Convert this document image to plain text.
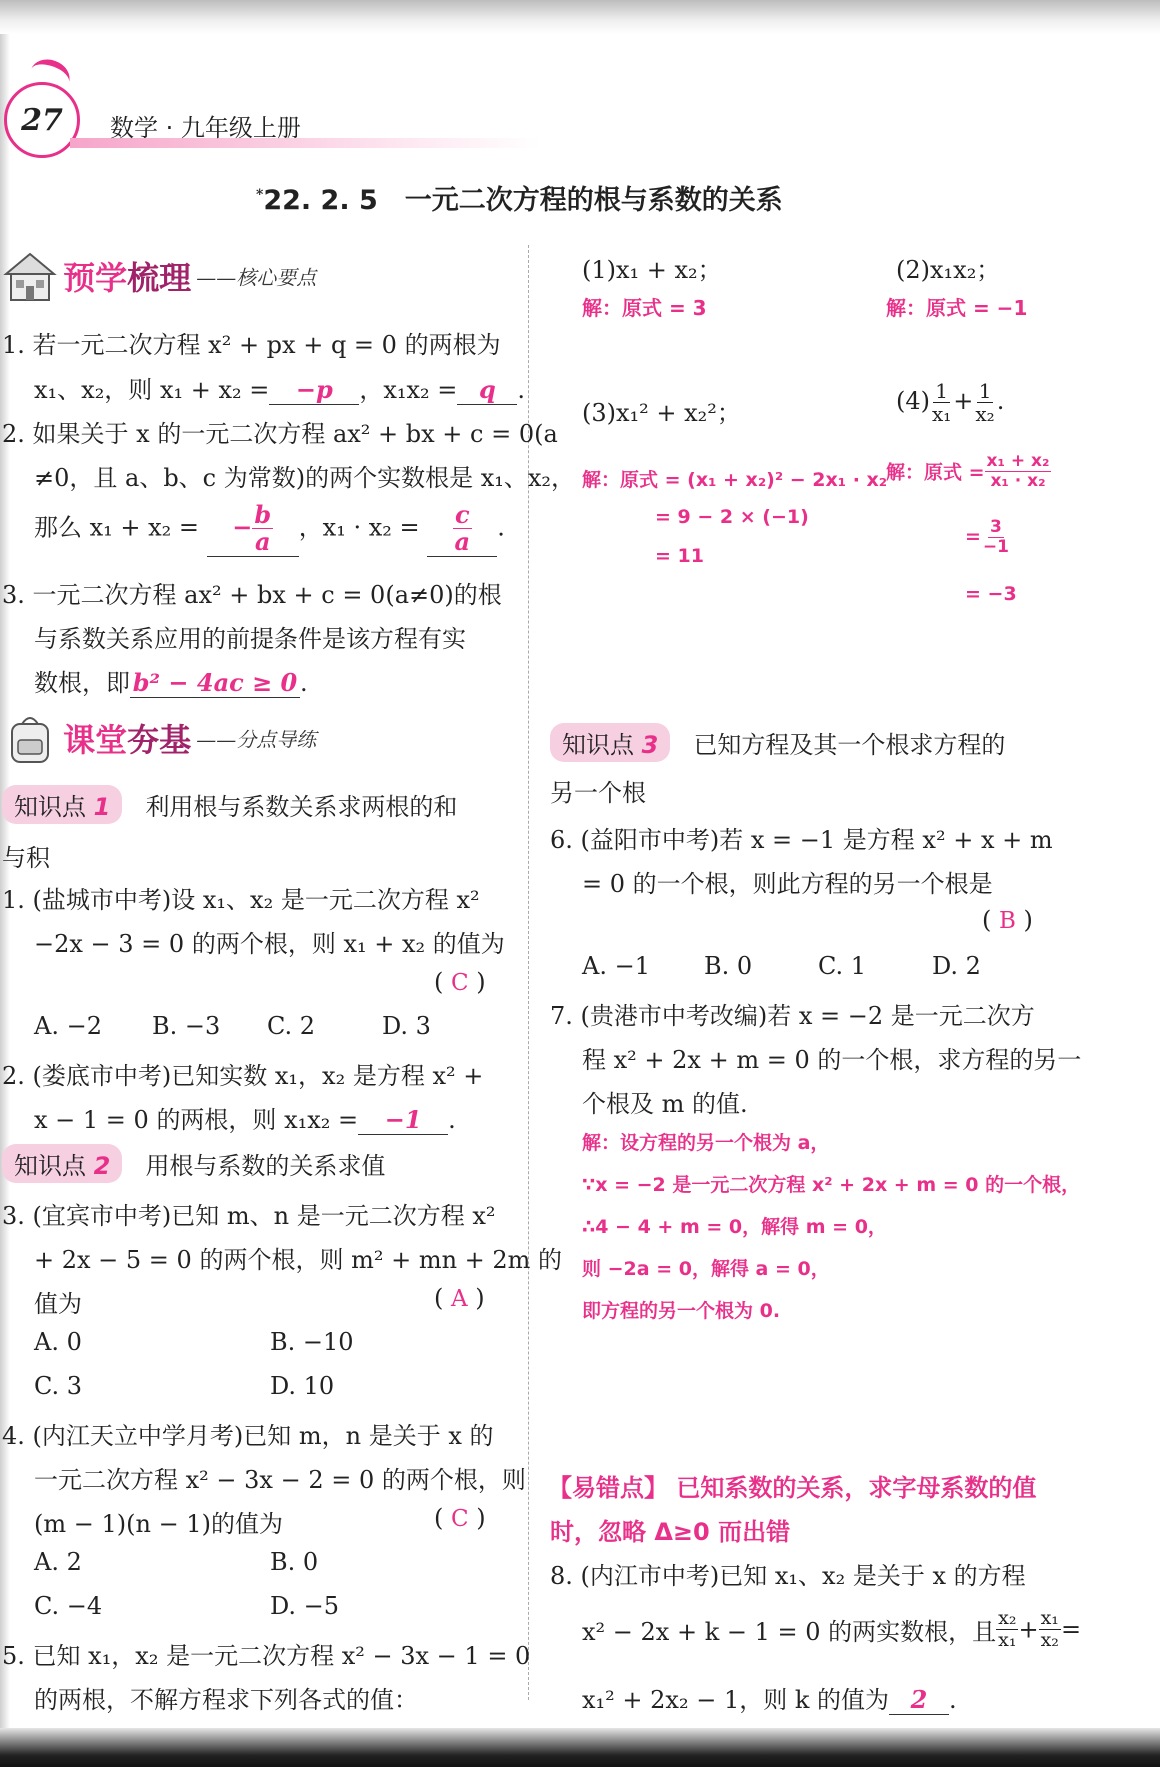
27 数学 · 九年级上册
*22. 2. 5　一元二次方程的根与系数的关系
预学梳理 ——核心要点
1. 若一元二次方程 x² + px + q = 0 的两根为
x₁、x₂，则 x₁ + x₂ = −p ，x₁x₂ = q .
2. 如果关于 x 的一元二次方程 ax² + bx + c = 0(a
≠0，且 a、b、c 为常数)的两个实数根是 x₁、x₂，
那么 x₁ + x₂ = − $\frac{b}{a}$ ，$x_1 \cdot x_2 = \frac{c}{a}$ .
3. 一元二次方程 ax² + bx + c = 0(a≠0)的根
与系数关系应用的前提条件是该方程有实
数根，即 b² − 4ac ≥ 0 .
课堂夯基 ——分点导练
知识点 1 利用根与系数关系求两根的和
与积
1. (盐城市中考)设 x₁、x₂ 是一元二次方程 x²
−2x − 3 = 0 的两个根，则 x₁ + x₂ 的值为
( C )
A. −2 B. −3 C. 2	D. 3
2. (娄底市中考)已知实数 x₁，x₂ 是方程 x² +
x − 1 = 0 的两根，则 x₁x₂ = −1 .
知识点 2 用根与系数的关系求值
3. (宜宾市中考)已知 m、n 是一元二次方程 x²
+ 2x − 5 = 0 的两个根，则 m² + mn + 2m 的
值为	( A )
A. 0	B. −10
C. 3	D. 10
4. (内江天立中学月考)已知 m，n 是关于 x 的
一元二次方程 x² − 3x − 2 = 0 的两个根，则
(m − 1)(n − 1)的值为	( C )
A. 2	B. 0
C. −4	D. −5
5. 已知 x₁，x₂ 是一元二次方程 x² − 3x − 1 = 0
的两根，不解方程求下列各式的值：
(1)x₁ + x₂；
解：原式 = 3
(2)x₁x₂；
解：原式 = −1
(3)x₁² + x₂²；	$(4) \frac{1}{\text{x₁}} + \frac{1}{\text{x₂}}$ .
解：原式 = (x₁ + x₂)² − 2x₁ · x₂
= 9 − 2 × (−1)
= 11
解：原式 = $\frac{\text{x₁ + x₂}}{\text{x₁ · x₂}}$
= $\frac{3}{-1}$
= −3
知识点 3 已知方程及其一个根求方程的
另一个根
6. (益阳市中考)若 x = −1 是方程 x² + x + m
= 0 的一个根，则此方程的另一个根是
( B )
A. −1 B. 0	C. 1	D. 2
7. (贵港市中考改编)若 x = −2 是一元二次方
程 x² + 2x + m = 0 的一个根，求方程的另一
个根及 m 的值.
解：设方程的另一个根为 a，
∵x = −2 是一元二次方程 x² + 2x + m = 0 的一个根，
∴4 − 4 + m = 0，解得 m = 0，
则 −2a = 0，解得 a = 0，
即方程的另一个根为 0.
【易错点】 已知系数的关系，求字母系数的值
时，忽略 Δ≥0 而出错
8. (内江市中考)已知 x₁、x₂ 是关于 x 的方程
x² − 2x + k − 1 = 0 的两实数根，且 $\frac{\text{x₂}}{\text{x₁}} + \frac{\text{x₁}}{\text{x₂}}$ =
x₁² + 2x₂ − 1，则 k 的值为 2 .
